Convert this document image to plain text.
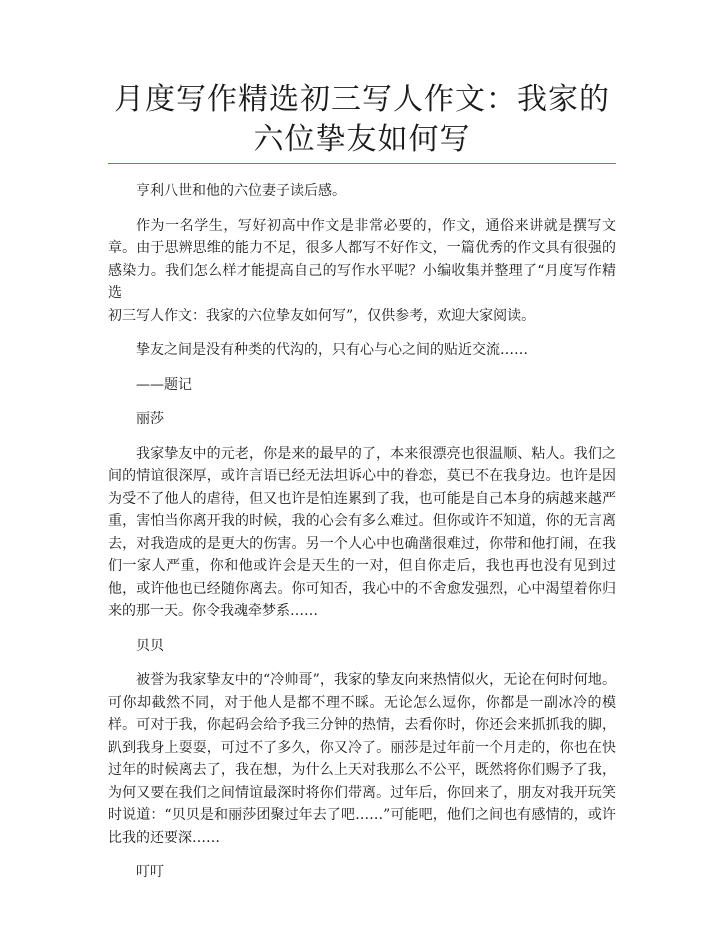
月度写作精选初三写人作文：我家的六位挚友如何写

亨利八世和他的六位妻子读后感。

作为一名学生，写好初高中作文是非常必要的，作文，通俗来讲就是撰写文章。由于思辨思维的能力不足，很多人都写不好作文，一篇优秀的作文具有很强的感染力。我们怎么样才能提高自己的写作水平呢？小编收集并整理了“月度写作精选

初三写人作文：我家的六位挚友如何写”，仅供参考，欢迎大家阅读。

挚友之间是没有种类的代沟的，只有心与心之间的贴近交流……

——题记

丽莎

我家挚友中的元老，你是来的最早的了，本来很漂亮也很温顺、粘人。我们之间的情谊很深厚，或许言语已经无法坦诉心中的眷恋，莫已不在我身边。也许是因为受不了他人的虐待，但又也许是怕连累到了我，也可能是自己本身的病越来越严重，害怕当你离开我的时候，我的心会有多么难过。但你或许不知道，你的无言离去，对我造成的是更大的伤害。另一个人心中也确凿很难过，你带和他打闹，在我们一家人严重，你和他或许会是天生的一对，但自你走后，我也再也没有见到过他，或许他也已经随你离去。你可知否，我心中的不舍愈发强烈，心中渴望着你归来的那一天。你令我魂牵梦系……

贝贝

被誉为我家挚友中的“冷帅哥”，我家的挚友向来热情似火，无论在何时何地。可你却截然不同，对于他人是都不理不睬。无论怎么逗你，你都是一副冰冷的模样。可对于我，你起码会给予我三分钟的热情，去看你时，你还会来抓抓我的脚，趴到我身上耍耍，可过不了多久，你又冷了。丽莎是过年前一个月走的，你也在快过年的时候离去了，我在想，为什么上天对我那么不公平，既然将你们赐予了我，为何又要在我们之间情谊最深时将你们带离。过年后，你回来了，朋友对我开玩笑时说道：“贝贝是和丽莎团聚过年去了吧……”可能吧，他们之间也有感情的，或许比我的还要深……

叮叮
